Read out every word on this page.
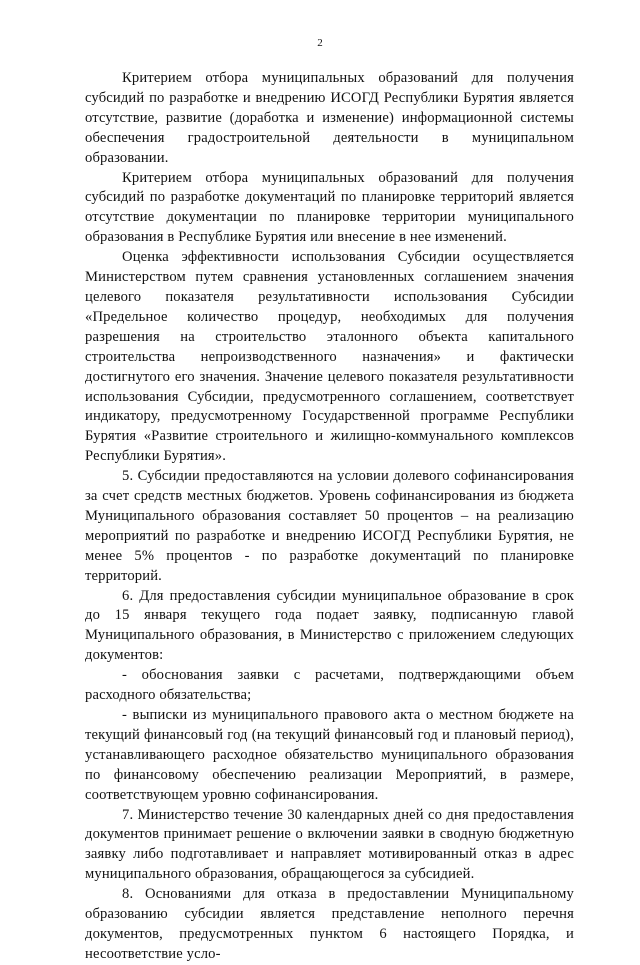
2

Критерием отбора муниципальных образований для получения субсидий по разработке и внедрению ИСОГД Республики Бурятия является отсутствие, развитие (доработка и изменение) информационной системы обеспечения градостроительной деятельности в муниципальном образовании.

Критерием отбора муниципальных образований для получения субсидий по разработке документаций по планировке территорий является отсутствие документации по планировке территории муниципального образования в Республике Бурятия или внесение в нее изменений.

Оценка эффективности использования Субсидии осуществляется Министерством путем сравнения установленных соглашением значения целевого показателя результативности использования Субсидии «Предельное количество процедур, необходимых для получения разрешения на строительство эталонного объекта капитального строительства непроизводственного назначения» и фактически достигнутого его значения. Значение целевого показателя результативности использования Субсидии, предусмотренного соглашением, соответствует индикатору, предусмотренному Государственной программе Республики Бурятия «Развитие строительного и жилищно-коммунального комплексов Республики Бурятия».

5. Субсидии предоставляются на условии долевого софинансирования за счет средств местных бюджетов. Уровень софинансирования из бюджета Муниципального образования составляет 50 процентов – на реализацию мероприятий по разработке и внедрению ИСОГД Республики Бурятия, не менее 5% процентов - по разработке документаций по планировке территорий.

6. Для предоставления субсидии муниципальное образование в срок до 15 января текущего года подает заявку, подписанную главой Муниципального образования, в Министерство с приложением следующих документов:

- обоснования заявки с расчетами, подтверждающими объем расходного обязательства;

- выписки из муниципального правового акта о местном бюджете на текущий финансовый год (на текущий финансовый год и плановый период), устанавливающего расходное обязательство муниципального образования по финансовому обеспечению реализации Мероприятий, в размере, соответствующем уровню софинансирования.

7. Министерство течение 30 календарных дней со дня предоставления документов принимает решение о включении заявки в сводную бюджетную заявку либо подготавливает и направляет мотивированный отказ в адрес муниципального образования, обращающегося за субсидией.

8. Основаниями для отказа в предоставлении Муниципальному образованию субсидии является представление неполного перечня документов, предусмотренных пунктом 6 настоящего Порядка, и несоответствие усло-
